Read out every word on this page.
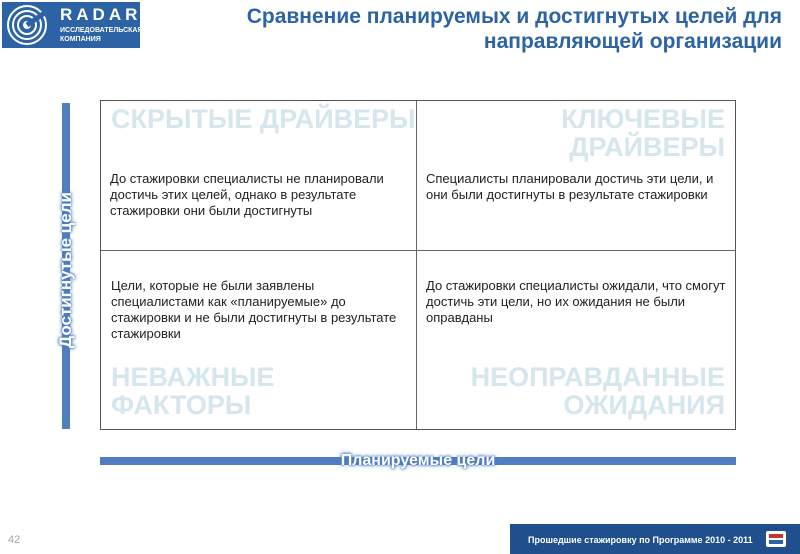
RADAR
ИССЛЕДОВАТЕЛЬСКАЯ КОМПАНИЯ
Сравнение планируемых и достигнутых целей для направляющей организации
Достигнутые цели
Планируемые цели
СКРЫТЫЕ ДРАЙВЕРЫ
До стажировки специалисты не планировали достичь этих целей, однако в результате стажировки они были достигнуты
КЛЮЧЕВЫЕ ДРАЙВЕРЫ
Специалисты планировали достичь эти цели, и они были достигнуты в результате стажировки
Цели, которые не были заявлены специалистами как «планируемые» до стажировки и не были достигнуты в результате стажировки
НЕВАЖНЫЕ ФАКТОРЫ
До стажировки специалисты ожидали, что смогут достичь эти цели, но их ожидания не были оправданы
НЕОПРАВДАННЫЕ ОЖИДАНИЯ
42	Прошедшие стажировку по Программе 2010 - 2011
